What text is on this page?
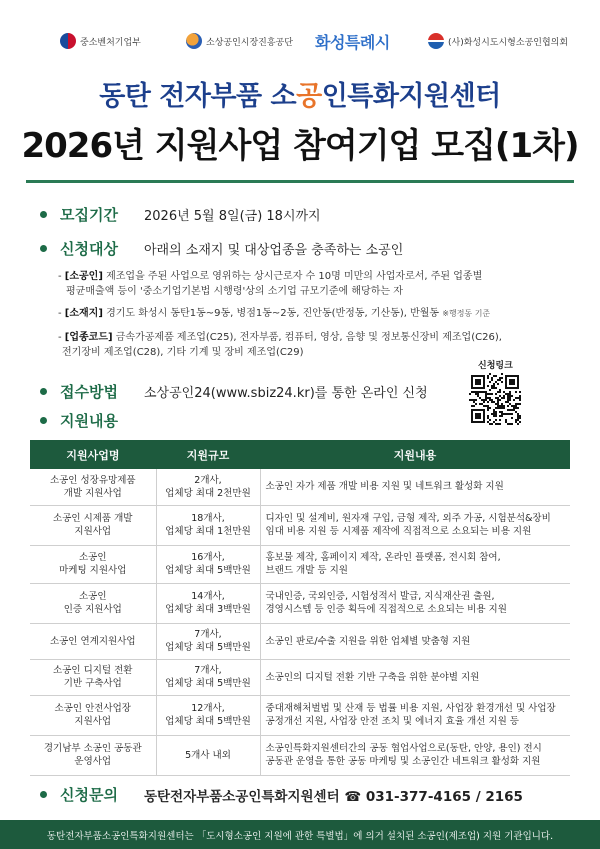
중소벤처기업부	소상공인시장진흥공단 화성특례시	(사)화성시도시형소공인협의회
동탄 전자부품 소공인특화지원센터
2026년 지원사업 참여기업 모집(1차)
모집기간 2026년 5월 8일(금) 18시까지
신청대상 아래의 소재지 및 대상업종을 충족하는 소공인
- [소공인] 제조업을 주된 사업으로 영위하는 상시근로자 수 10명 미만의 사업자로서, 주된 업종별
평균매출액 등이 '중소기업기본법 시행령'상의 소기업 규모기준에 해당하는 자
- [소재지] 경기도 화성시 동탄1동~9동, 병점1동~2동, 진안동(반정동, 기산동), 반월동 ※행정동 기준
- [업종코드] 금속가공제품 제조업(C25), 전자부품, 컴퓨터, 영상, 음향 및 정보통신장비 제조업(C26),
전기장비 제조업(C28), 기타 기계 및 장비 제조업(C29)
신청링크
접수방법 소상공인24(www.sbiz24.kr)를 통한 온라인 신청
지원내용
지원사업명	지원규모	지원내용

소공인 성장유망제품
개발 지원사업	2개사,
업체당 최대 2천만원	소공인 자가 제품 개발 비용 지원 및 네트워크 활성화 지원

소공인 시제품 개발
지원사업	18개사,
업체당 최대 1천만원	디자인 및 설계비, 원자재 구입, 금형 제작, 외주 가공, 시험분석&장비
임대 비용 지원 등 시제품 제작에 직접적으로 소요되는 비용 지원

소공인
마케팅 지원사업	16개사,
업체당 최대 5백만원	홍보물 제작, 홈페이지 제작, 온라인 플랫폼, 전시회 참여,
브랜드 개발 등 지원

소공인
인증 지원사업	14개사,
업체당 최대 3백만원	국내인증, 국외인증, 시험성적서 발급, 지식재산권 출원,
경영시스템 등 인증 획득에 직접적으로 소요되는 비용 지원

소공인 연계지원사업	7개사,
업체당 최대 5백만원	소공인 판로/수출 지원을 위한 업체별 맞춤형 지원

소공인 디지털 전환
기반 구축사업	7개사,
업체당 최대 5백만원	소공인의 디지털 전환 기반 구축을 위한 분야별 지원

소공인 안전사업장
지원사업	12개사,
업체당 최대 5백만원	중대재해처벌법 및 산재 등 법률 비용 지원, 사업장 환경개선 및 사업장
공정개선 지원, 사업장 안전 조치 및 에너지 효율 개선 지원 등

경기남부 소공인 공동관
운영사업	5개사 내외	소공인특화지원센터간의 공동 협업사업으로(동탄, 안양, 용인) 전시
공동관 운영을 통한 공동 마케팅 및 소공인간 네트워크 활성화 지원
신청문의 동탄전자부품소공인특화지원센터 ☎ 031-377-4165 / 2165
동탄전자부품소공인특화지원센터는 「도시형소공인 지원에 관한 특별법」에 의거 설치된 소공인(제조업) 지원 기관입니다.
